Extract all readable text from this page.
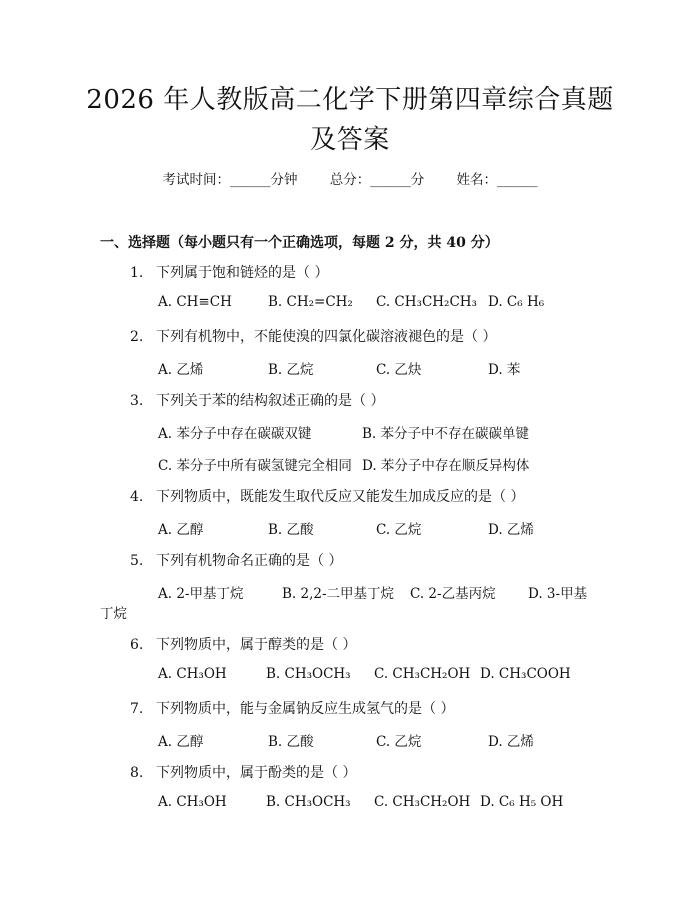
2026 年人教版高二化学下册第四章综合真题
及答案
考试时间：______分钟 总分：______分 姓名：______
一、选择题（每小题只有一个正确选项，每题 2 分，共 40 分）
1. 下列属于饱和链烃的是（ ）
A. CH≡CH	B. CH₂=CH₂ C. CH₃CH₂CH₃ D. C₆ H₆
2. 下列有机物中，不能使溴的四氯化碳溶液褪色的是（ ）
A. 乙烯	B. 乙烷	C. 乙炔	D. 苯
3. 下列关于苯的结构叙述正确的是（ ）
A. 苯分子中存在碳碳双键	B. 苯分子中不存在碳碳单键
C. 苯分子中所有碳氢键完全相同 D. 苯分子中存在顺反异构体
4. 下列物质中，既能发生取代反应又能发生加成反应的是（ ）
A. 乙醇	B. 乙酸	C. 乙烷	D. 乙烯
5. 下列有机物命名正确的是（ ）
A. 2-甲基丁烷	B. 2,2-二甲基丁烷 C. 2-乙基丙烷 D. 3-甲基
丁烷
6. 下列物质中，属于醇类的是（ ）
A. CH₃OH	B. CH₃OCH₃ C. CH₃CH₂OH D. CH₃COOH
7. 下列物质中，能与金属钠反应生成氢气的是（ ）
A. 乙醇	B. 乙酸	C. 乙烷	D. 乙烯
8. 下列物质中，属于酚类的是（ ）
A. CH₃OH	B. CH₃OCH₃ C. CH₃CH₂OH D. C₆ H₅ OH
